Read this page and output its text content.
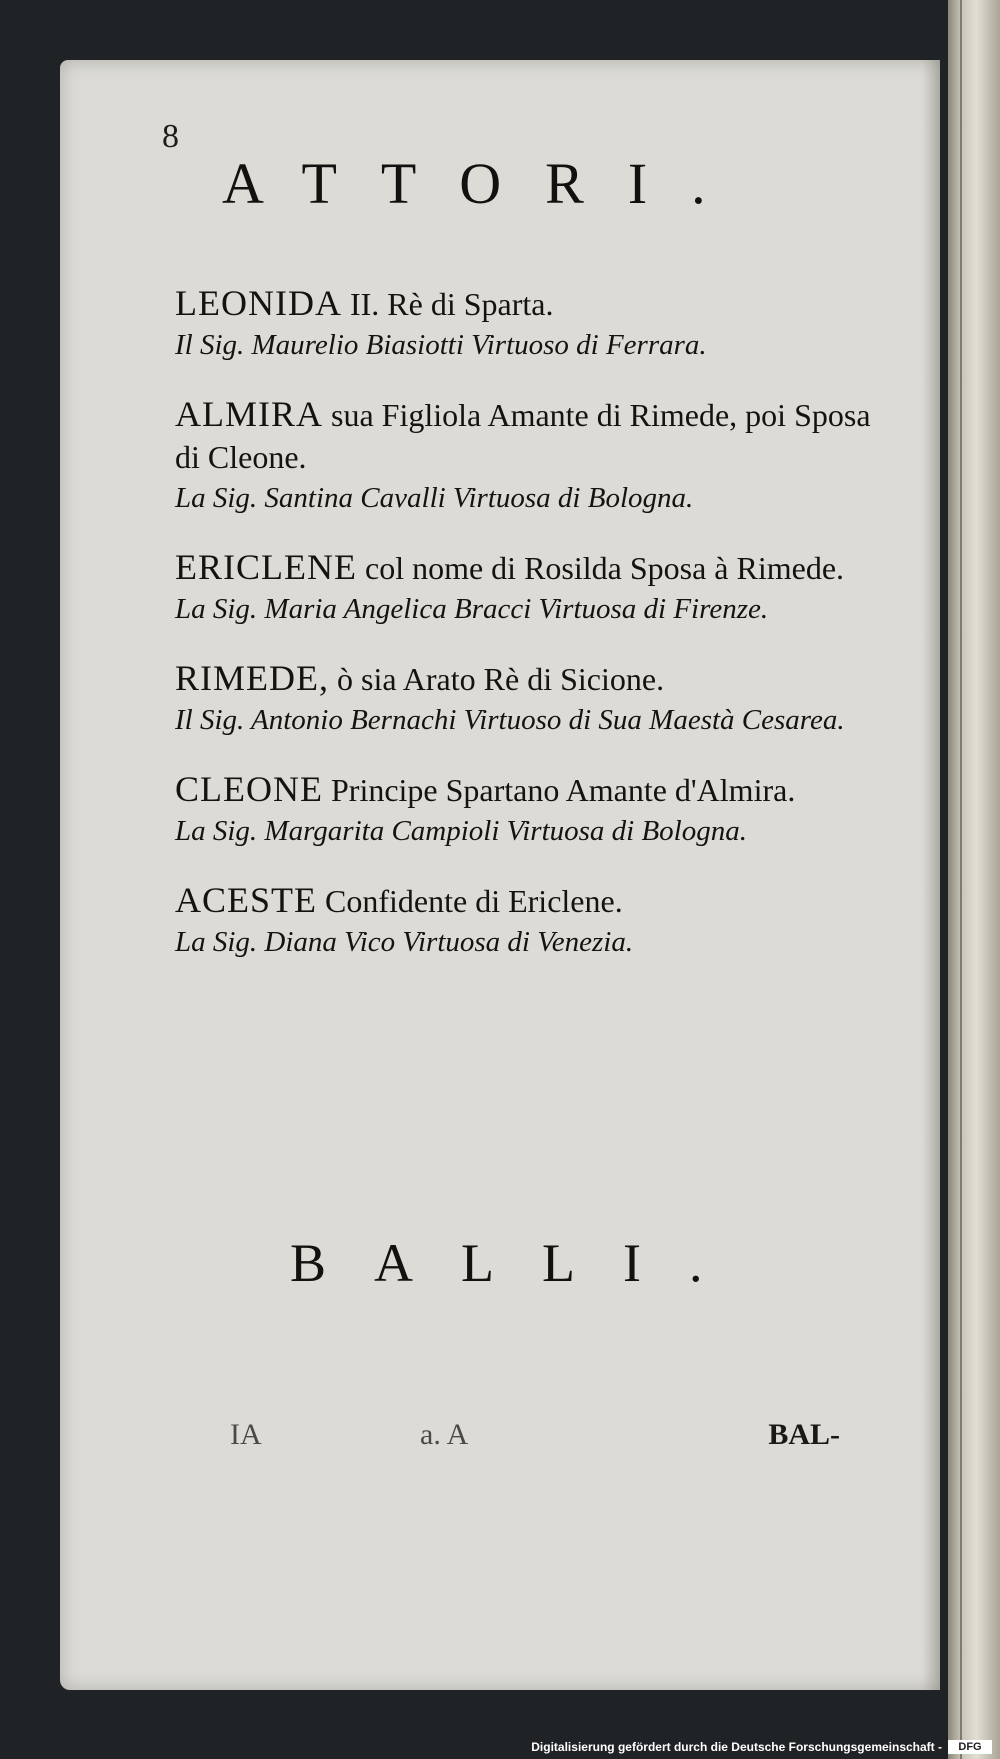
8
ATTORI.
LEONIDA II. Rè di Sparta.
Il Sig. Maurelio Biasiotti Virtuoso di Ferrara.
ALMIRA sua Figliola Amante di Rimede, poi Sposa di Cleone.
La Sig. Santina Cavalli Virtuosa di Bologna.
ERICLENE col nome di Rosilda Sposa à Rimede.
La Sig. Maria Angelica Bracci Virtuosa di Firenze.
RIMEDE, ò sia Arato Rè di Sicione.
Il Sig. Antonio Bernachi Virtuoso di Sua Maestà Cesarea.
CLEONE Principe Spartano Amante d'Almira.
La Sig. Margarita Campioli Virtuosa di Bologna.
ACESTE Confidente di Ericlene.
La Sig. Diana Vico Virtuosa di Venezia.
BALLI.
IA	a. A	BAL-
Digitalisierung gefördert durch die Deutsche Forschungsgemeinschaft -	DFG
